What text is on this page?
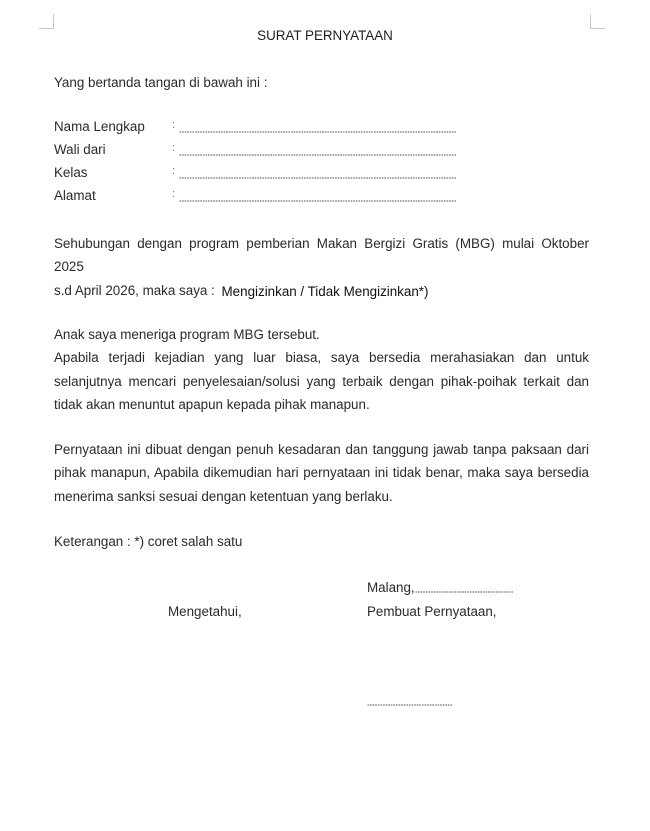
SURAT PERNYATAAN
Yang bertanda tangan di bawah ini :
Nama Lengkap :
Wali dari	:
Kelas	:
Alamat	:
Sehubungan dengan program pemberian Makan Bergizi Gratis (MBG) mulai Oktober 2025
s.d April 2026, maka saya : Mengizinkan / Tidak Mengizinkan*)
Anak saya meneriga program MBG tersebut.
Apabila terjadi kejadian yang luar biasa, saya bersedia merahasiakan dan untuk
selanjutnya mencari penyelesaian/solusi yang terbaik dengan pihak-poihak terkait dan
tidak akan menuntut apapun kepada pihak manapun.
Pernyataan ini dibuat dengan penuh kesadaran dan tanggung jawab tanpa paksaan dari
pihak manapun, Apabila dikemudian hari pernyataan ini tidak benar, maka saya bersedia
menerima sanksi sesuai dengan ketentuan yang berlaku.
Keterangan : *) coret salah satu
Malang,
Mengetahui,	Pembuat Pernyataan,
